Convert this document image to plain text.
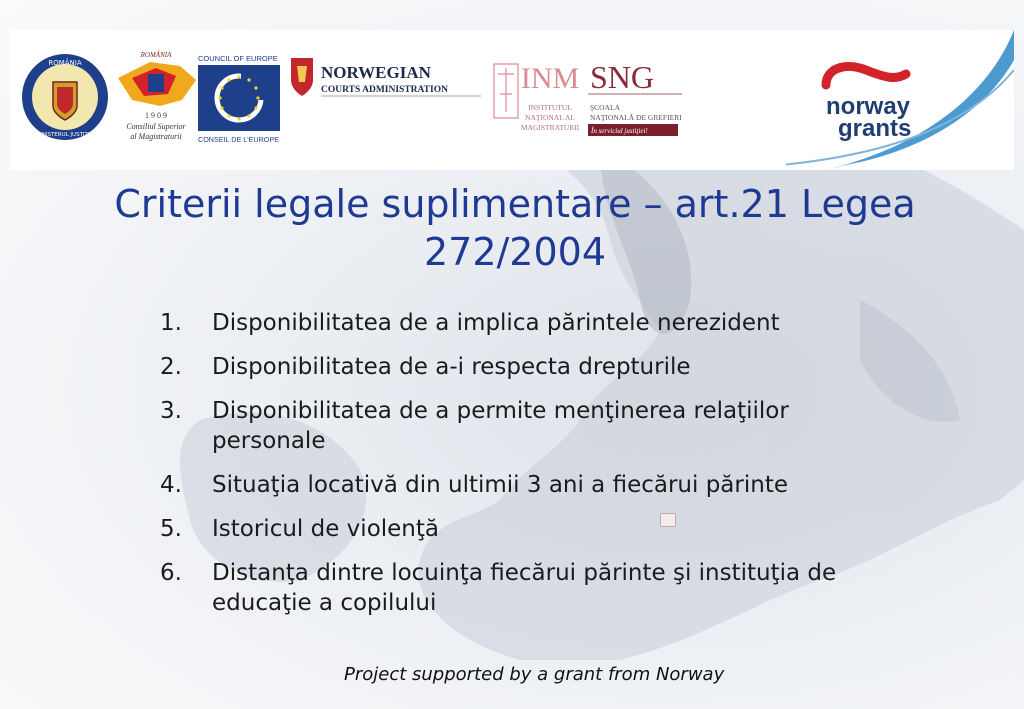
ROMÂNIA
MINISTERUL JUSTIŢIEI
ROMÂNIA
1 9 0 9
Consiliul Superior
al Magistraturii
COUNCIL OF EUROPE
CONSEIL DE L'EUROPE
NORWEGIAN
COURTS ADMINISTRATION INM
INSTITUTUL
NAŢIONAL AL
MAGISTRATURII
SNG
ŞCOALA
NAŢIONALĂ DE GREFIERI
În serviciul justiţiei!
norway
grants
Criterii legale suplimentare – art.21 Legea 272/2004
1.	Disponibilitatea de a implica părintele nerezident
2.	Disponibilitatea de a-i respecta drepturile
3.	Disponibilitatea de a permite menţinerea relaţiilor personale
4.	Situaţia locativă din ultimii 3 ani a fiecărui părinte
5.	Istoricul de violenţă
6.	Distanţa dintre locuinţa fiecărui părinte şi instituţia de educaţie a copilului
Project supported by a grant from Norway
